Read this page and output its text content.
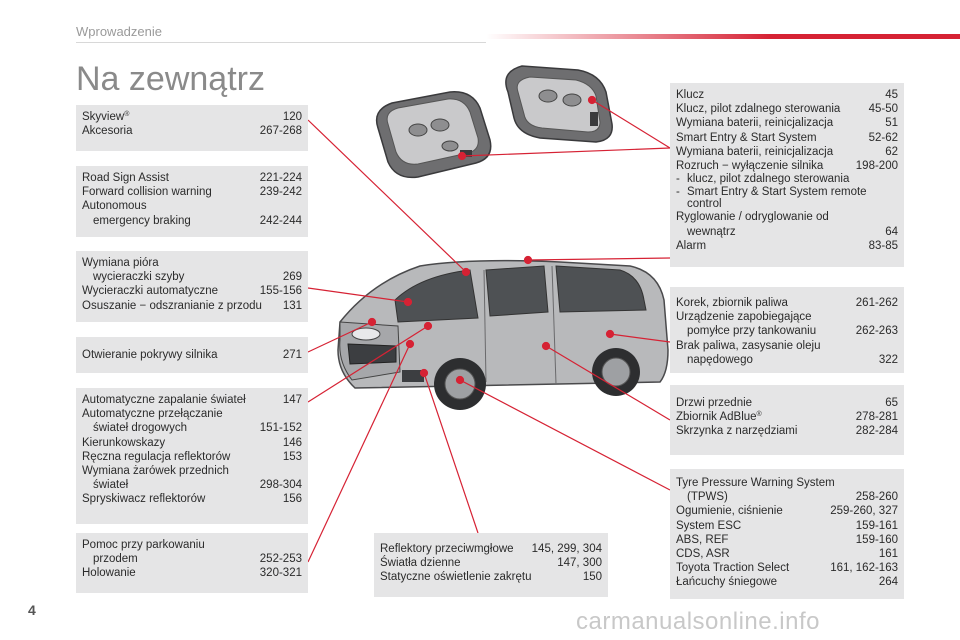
Wprowadzenie
Na zewnątrz
Skyview®	120
Akcesoria	267-268
Road Sign Assist	221-224
Forward collision warning	239-242
Autonomous
emergency braking	242-244
Wymiana pióra
wycieraczki szyby	269
Wycieraczki automatyczne	155-156
Osuszanie − odszranianie z przodu 131
Otwieranie pokrywy silnika	271
Automatyczne zapalanie świateł	147
Automatyczne przełączanie
świateł drogowych	151-152
Kierunkowskazy	146
Ręczna regulacja reflektorów	153
Wymiana żarówek przednich
świateł	298-304
Spryskiwacz reflektorów	156
Pomoc przy parkowaniu
przodem	252-253
Holowanie	320-321
Reflektory przeciwmgłowe 145, 299, 304
Światła dzienne	147, 300
Statyczne oświetlenie zakrętu	150
Klucz	45
Klucz, pilot zdalnego sterowania 45-50
Wymiana baterii, reinicjalizacja	51
Smart Entry & Start System	52-62
Wymiana baterii, reinicjalizacja	62
Rozruch − wyłączenie silnika	198-200
- klucz, pilot zdalnego sterowania
- Smart Entry & Start System remote
control
Ryglowanie / odryglowanie od
wewnątrz	64
Alarm	83-85
Korek, zbiornik paliwa	261-262
Urządzenie zapobiegające
pomyłce przy tankowaniu	262-263
Brak paliwa, zasysanie oleju
napędowego	322
Drzwi przednie	65
Zbiornik AdBlue®	278-281
Skrzynka z narzędziami	282-284
Tyre Pressure Warning System
(TPWS)	258-260
Ogumienie, ciśnienie	259-260, 327
System ESC	159-161
ABS, REF	159-160
CDS, ASR	161
Toyota Traction Select	161, 162-163
Łańcuchy śniegowe	264
4	carmanualsonline.info
